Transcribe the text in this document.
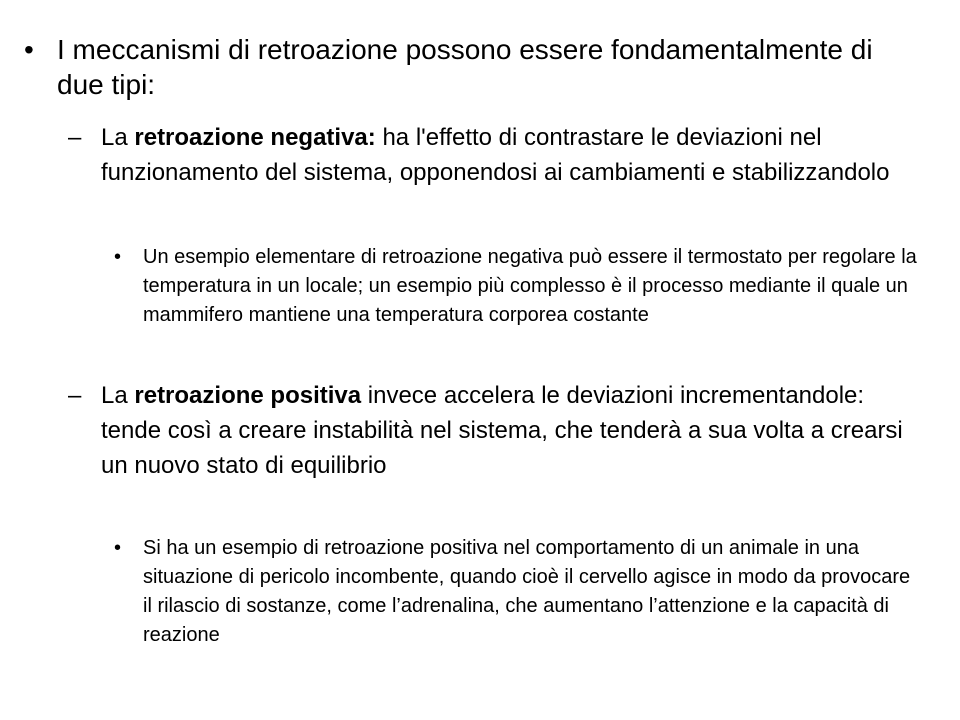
• I meccanismi di retroazione possono essere fondamentalmente di due tipi:
– La retroazione negativa: ha l'effetto di contrastare le deviazioni nel funzionamento del sistema, opponendosi ai cambiamenti e stabilizzandolo
• Un esempio elementare di retroazione negativa può essere il termostato per regolare la temperatura in un locale; un esempio più complesso è il processo mediante il quale un mammifero mantiene una temperatura corporea costante
– La retroazione positiva invece accelera le deviazioni incrementandole: tende così a creare instabilità nel sistema, che tenderà a sua volta a crearsi un nuovo stato di equilibrio
• Si ha un esempio di retroazione positiva nel comportamento di un animale in una situazione di pericolo incombente, quando cioè il cervello agisce in modo da provocare il rilascio di sostanze, come l’adrenalina, che aumentano l’attenzione e la capacità di reazione
